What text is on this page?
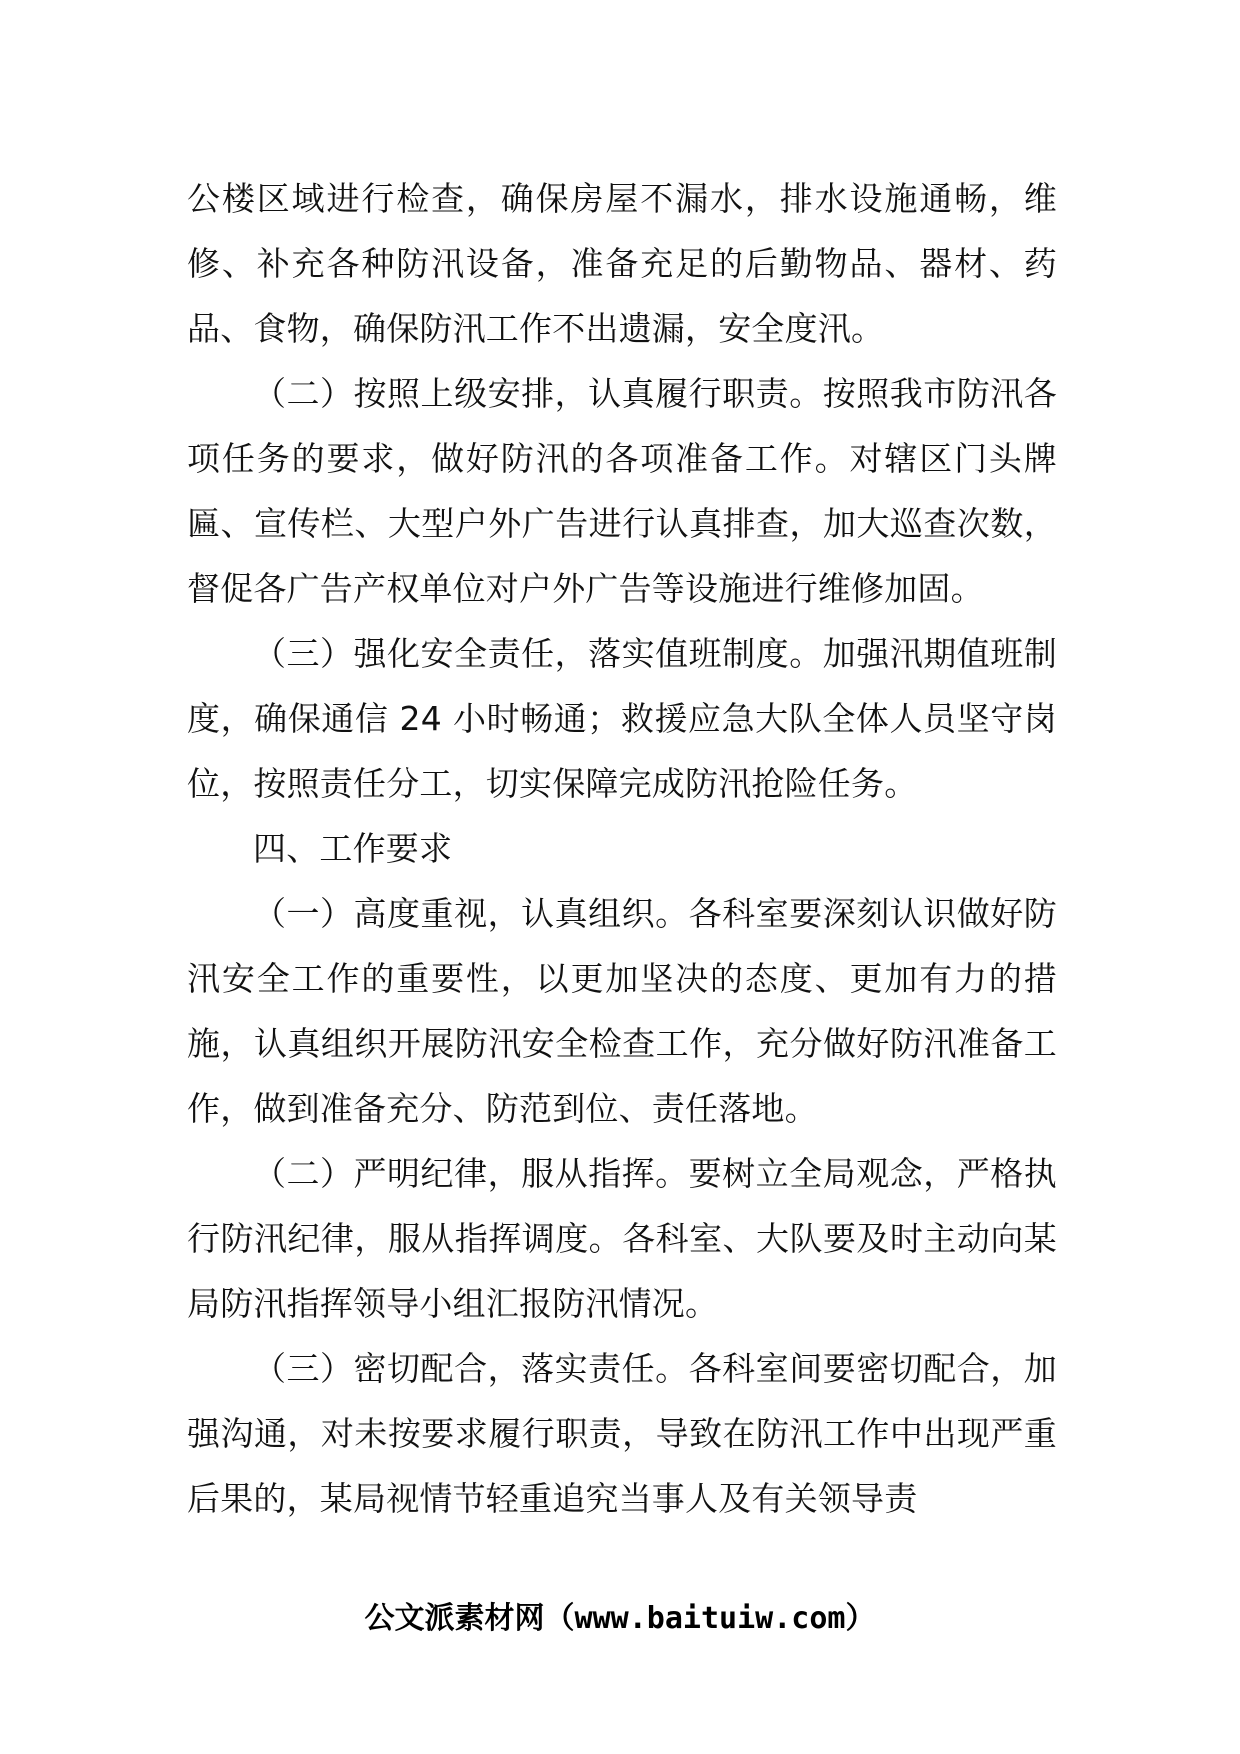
公楼区域进行检查，确保房屋不漏水，排水设施通畅，维修、补充各种防汛设备，准备充足的后勤物品、器材、药品、食物，确保防汛工作不出遗漏，安全度汛。

（二）按照上级安排，认真履行职责。按照我市防汛各项任务的要求，做好防汛的各项准备工作。对辖区门头牌匾、宣传栏、大型户外广告进行认真排查，加大巡查次数，督促各广告产权单位对户外广告等设施进行维修加固。

（三）强化安全责任，落实值班制度。加强汛期值班制度，确保通信 24 小时畅通；救援应急大队全体人员坚守岗位，按照责任分工，切实保障完成防汛抢险任务。

四、工作要求

（一）高度重视，认真组织。各科室要深刻认识做好防汛安全工作的重要性，以更加坚决的态度、更加有力的措施，认真组织开展防汛安全检查工作，充分做好防汛准备工作，做到准备充分、防范到位、责任落地。

（二）严明纪律，服从指挥。要树立全局观念，严格执行防汛纪律，服从指挥调度。各科室、大队要及时主动向某局防汛指挥领导小组汇报防汛情况。

（三）密切配合，落实责任。各科室间要密切配合，加强沟通，对未按要求履行职责，导致在防汛工作中出现严重后果的，某局视情节轻重追究当事人及有关领导责

公文派素材网（www.baituiw.com）
